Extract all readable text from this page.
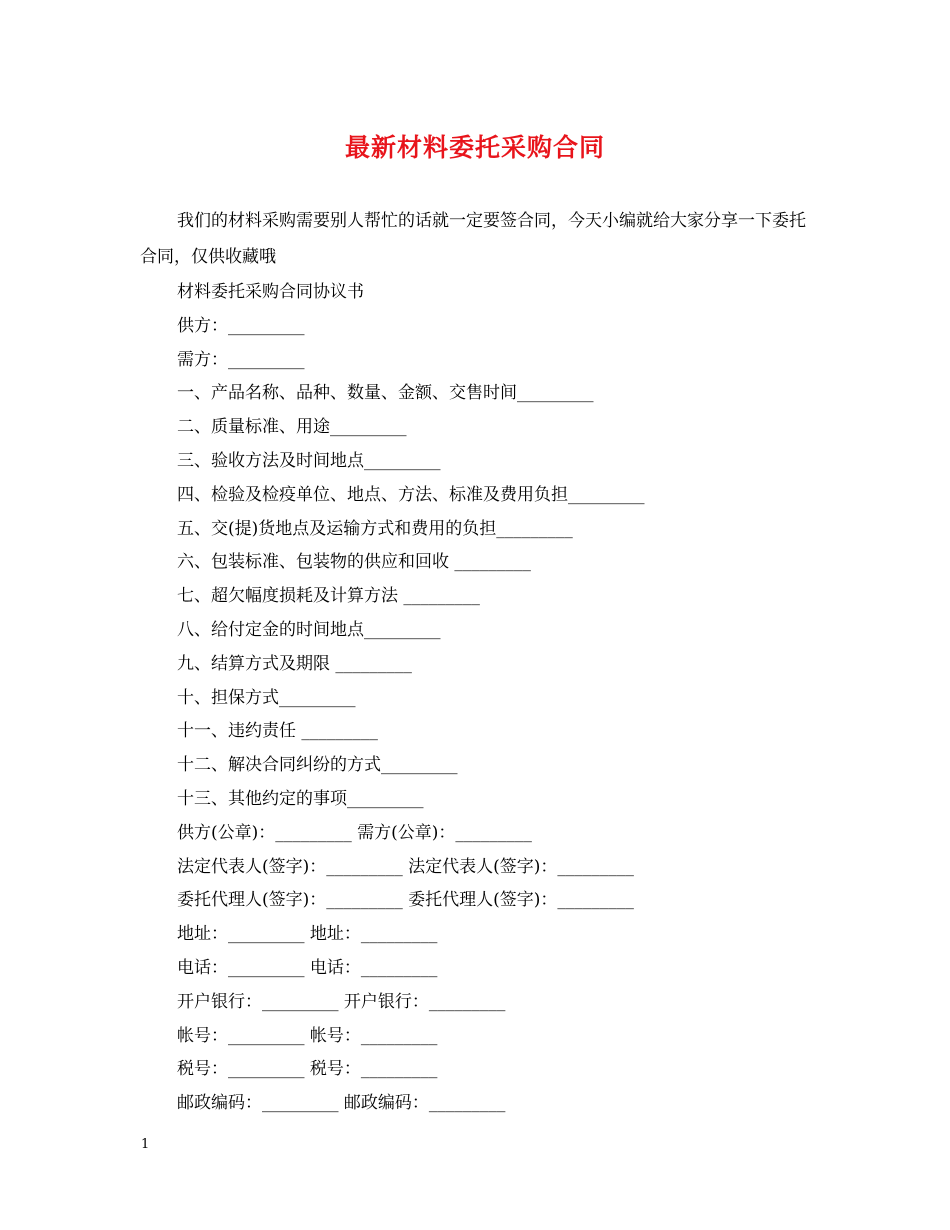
最新材料委托采购合同
我们的材料采购需要别人帮忙的话就一定要签合同，今天小编就给大家分享一下委托合同，仅供收藏哦
材料委托采购合同协议书
供方：_________
需方：_________
一、产品名称、品种、数量、金额、交售时间_________
二、质量标准、用途_________
三、验收方法及时间地点_________
四、检验及检疫单位、地点、方法、标准及费用负担_________
五、交(提)货地点及运输方式和费用的负担_________
六、包装标准、包装物的供应和回收 _________
七、超欠幅度损耗及计算方法 _________
八、给付定金的时间地点_________
九、结算方式及期限 _________
十、担保方式_________
十一、违约责任 _________
十二、解决合同纠纷的方式_________
十三、其他约定的事项_________
供方(公章)：_________ 需方(公章)：_________
法定代表人(签字)：_________ 法定代表人(签字)：_________
委托代理人(签字)：_________ 委托代理人(签字)：_________
地址：_________ 地址：_________
电话：_________ 电话：_________
开户银行：_________ 开户银行：_________
帐号：_________ 帐号：_________
税号：_________ 税号：_________
邮政编码：_________ 邮政编码：_________
1
